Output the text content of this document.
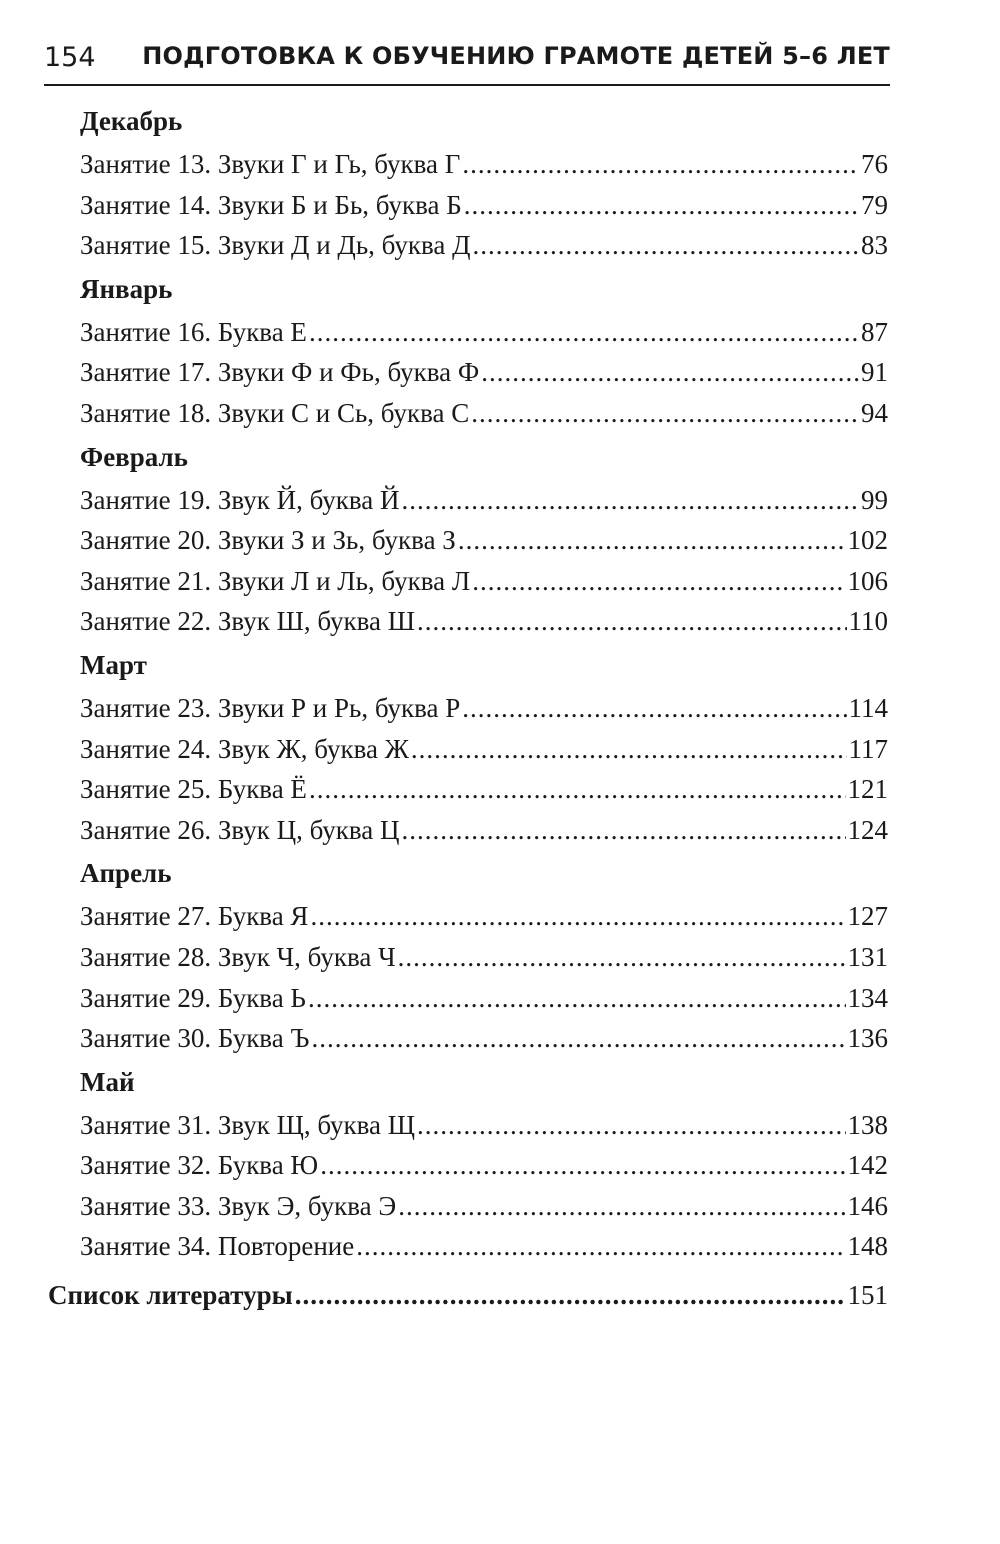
154 ПОДГОТОВКА К ОБУЧЕНИЮ ГРАМОТЕ ДЕТЕЙ 5–6 ЛЕТ
Декабрь
Занятие 13. Звуки Г и Гь, буква Г .....	76
Занятие 14. Звуки Б и Бь, буква Б .....	79
Занятие 15. Звуки Д и Дь, буква Д .....	83
Январь
Занятие 16. Буква Е .....	87
Занятие 17. Звуки Ф и Фь, буква Ф .....	91
Занятие 18. Звуки С и Сь, буква С .....	94
Февраль
Занятие 19. Звук Й, буква Й .....	99
Занятие 20. Звуки З и Зь, буква З .....	102
Занятие 21. Звуки Л и Ль, буква Л .....	106
Занятие 22. Звук Ш, буква Ш .....	110
Март
Занятие 23. Звуки Р и Рь, буква Р .....	114
Занятие 24. Звук Ж, буква Ж .....	117
Занятие 25. Буква Ё .....	121
Занятие 26. Звук Ц, буква Ц .....	124
Апрель
Занятие 27. Буква Я .....	127
Занятие 28. Звук Ч, буква Ч .....	131
Занятие 29. Буква Ь .....	134
Занятие 30. Буква Ъ .....	136
Май
Занятие 31. Звук Щ, буква Щ .....	138
Занятие 32. Буква Ю .....	142
Занятие 33. Звук Э, буква Э .....	146
Занятие 34. Повторение .....	148
Список литературы .....	151
